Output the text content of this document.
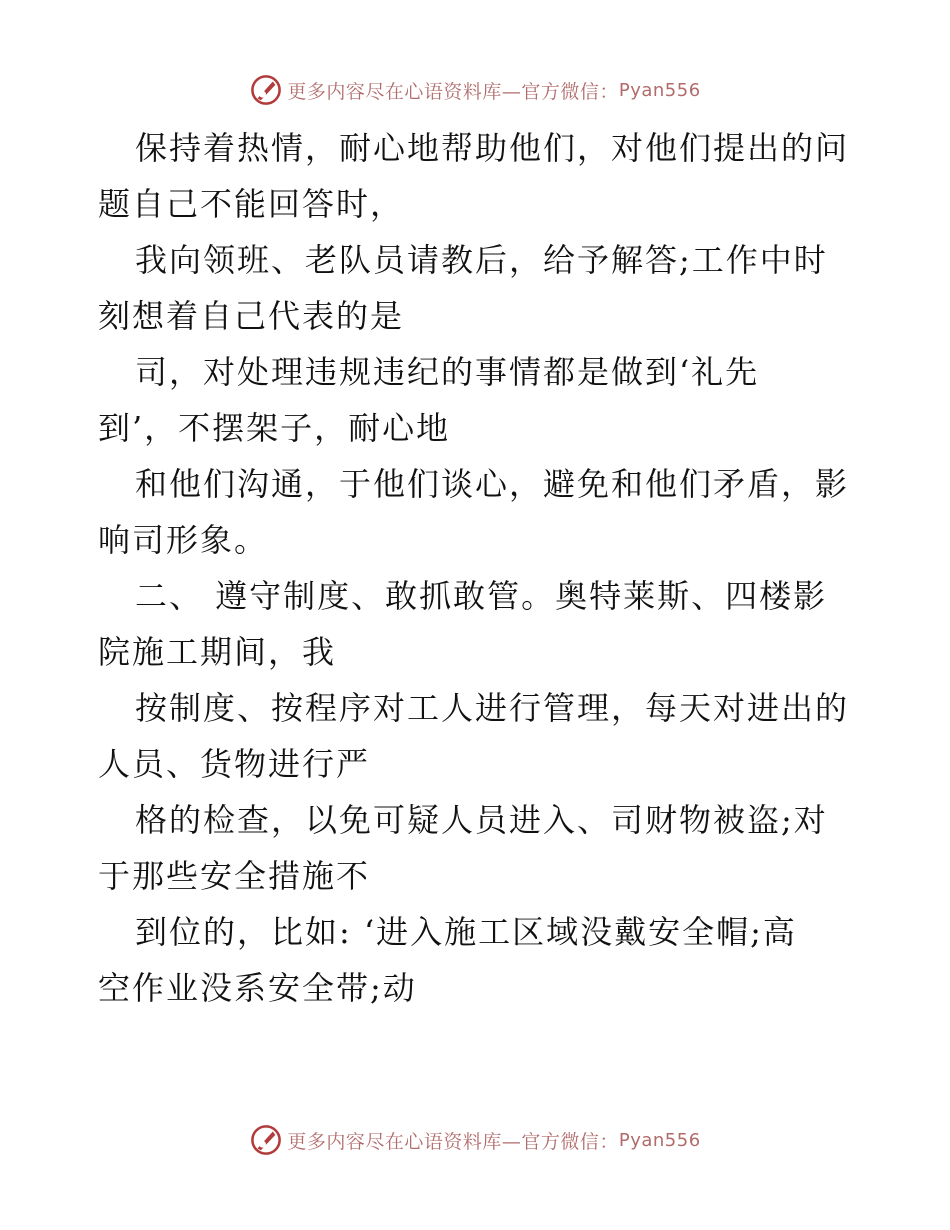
更多内容尽在心语资料库—官方微信： Pyan556
保持着热情，耐心地帮助他们，对他们提出的问
题自己不能回答时，
我向领班、老队员请教后，给予解答;工作中时
刻想着自己代表的是
司，对处理违规违纪的事情都是做到‘礼先
到’，不摆架子，耐心地
和他们沟通，于他们谈心，避免和他们矛盾，影
响司形象。
二、 遵守制度、敢抓敢管。奥特莱斯、四楼影
院施工期间，我
按制度、按程序对工人进行管理，每天对进出的
人员、货物进行严
格的检查，以免可疑人员进入、司财物被盗;对
于那些安全措施不
到位的，比如: ‘进入施工区域没戴安全帽;高
空作业没系安全带;动
更多内容尽在心语资料库—官方微信： Pyan556
